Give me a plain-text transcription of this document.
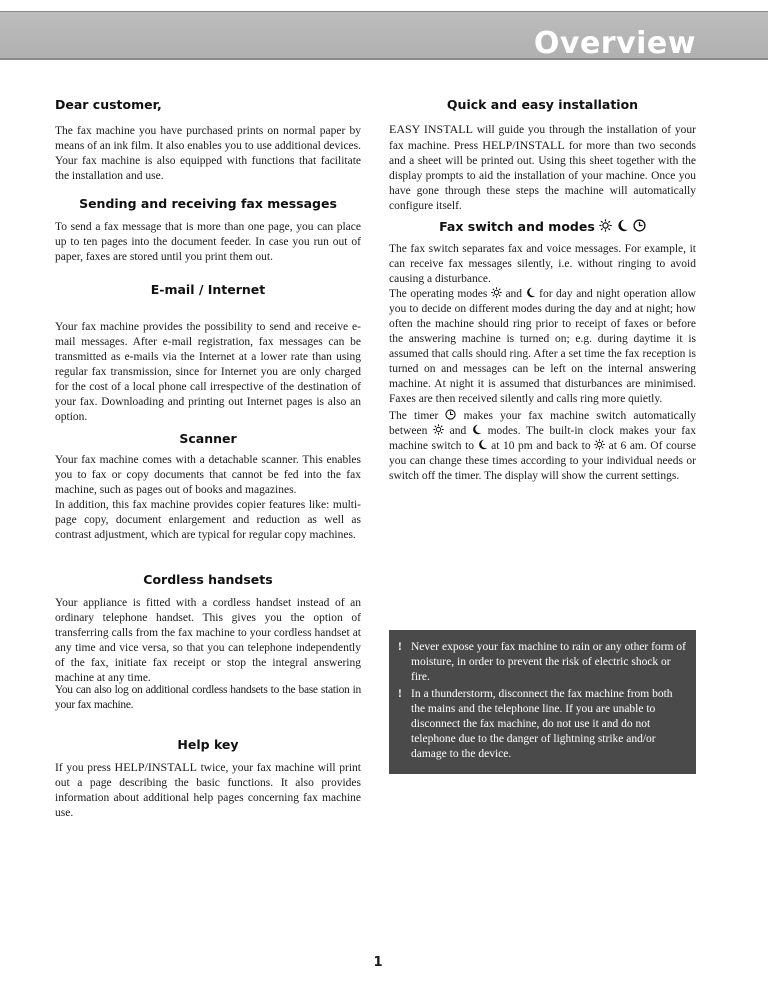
Overview
Dear customer,

The fax machine you have purchased prints on normal paper by means of an ink film. It also enables you to use additional devices. Your fax machine is also equipped with functions that facilitate the installation and use.

Sending and receiving fax messages

To send a fax message that is more than one page, you can place up to ten pages into the document feeder. In case you run out of paper, faxes are stored until you print them out.

E-mail / Internet

Your fax machine provides the possibility to send and receive e-mail messages. After e-mail registration, fax messages can be transmitted as e-mails via the Internet at a lower rate than using regular fax transmission, since for Internet you are only charged for the cost of a local phone call irrespective of the destination of your fax. Downloading and printing out Internet pages is also an option.

Scanner

Your fax machine comes with a detachable scanner. This enables you to fax or copy documents that cannot be fed into the fax machine, such as pages out of books and magazines.

In addition, this fax machine provides copier features like: multi-page copy, document enlargement and reduction as well as contrast adjustment, which are typical for regular copy machines.

Cordless handsets

Your appliance is fitted with a cordless handset instead of an ordinary telephone handset. This gives you the option of transferring calls from the fax machine to your cordless handset at any time and vice versa, so that you can telephone independently of the fax, initiate fax receipt or stop the integral answering machine at any time.

You can also log on additional cordless handsets to the base station in your fax machine.

Help key

If you press HELP/INSTALL twice, your fax machine will print out a page describing the basic functions. It also provides information about additional help pages concerning fax machine use.

Quick and easy installation

EASY INSTALL will guide you through the installation of your fax machine. Press HELP/INSTALL for more than two seconds and a sheet will be printed out. Using this sheet together with the display prompts to aid the installation of your machine. Once you have gone through these steps the machine will automatically configure itself.

Fax switch and modes

The fax switch separates fax and voice messages. For example, it can receive fax messages silently, i.e. without ringing to avoid causing a disturbance.

The operating modes
and
for day and night operation allow you to decide on different modes during the day and at night; how often the machine should ring prior to receipt of faxes or before the answering machine is turned on; e.g. during daytime it is assumed that calls should ring. After a set time the fax reception is turned on and messages can be left on the internal answering machine. At night it is assumed that disturbances are minimised. Faxes are then received silently and calls ring more quietly.

The timer
makes your fax machine switch automatically between
and
modes. The built-in clock makes your fax machine switch to
at 10 pm and back to
at 6 am. Of course you can change these times according to your individual needs or switch off the timer. The display will show the current settings.

! Never expose your fax machine to rain or any other form of moisture, in order to prevent the risk of electric shock or fire.
! In a thunderstorm, disconnect the fax machine from both the mains and the telephone line. If you are unable to disconnect the fax machine, do not use it and do not telephone due to the danger of lightning strike and/or damage to the device.
1
